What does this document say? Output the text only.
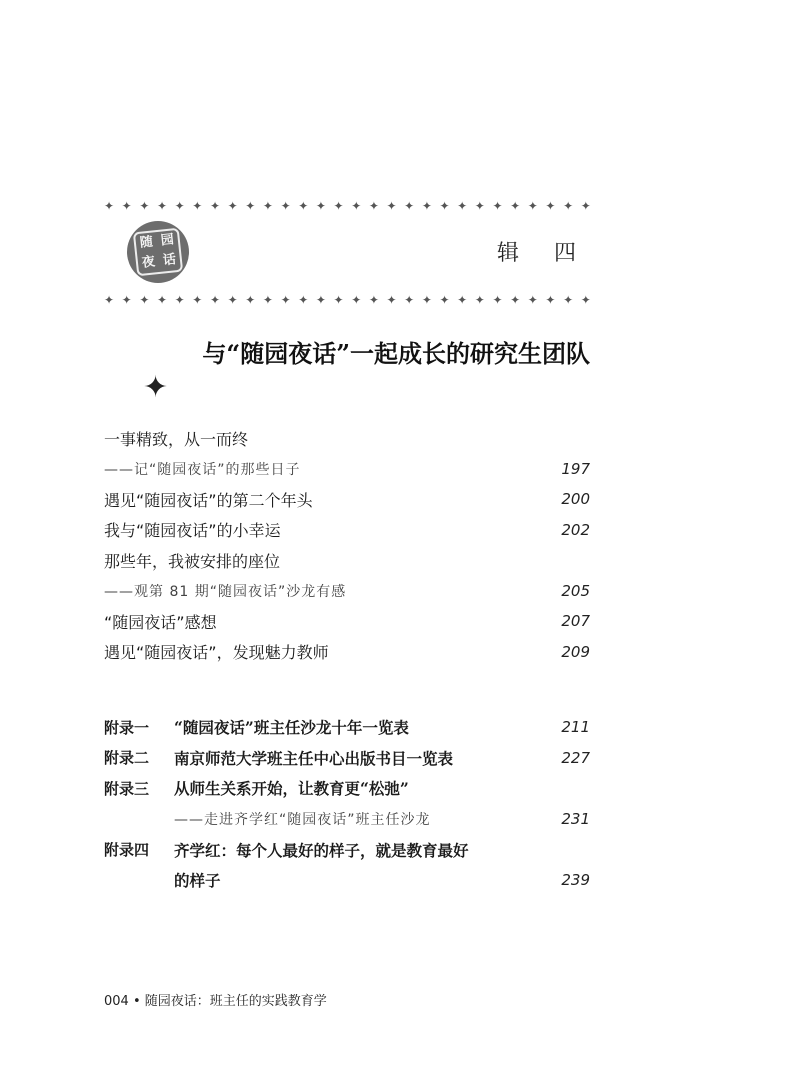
✦ ✦ ✦ ✦ ✦ ✦ ✦ ✦ ✦ ✦ ✦ ✦ ✦ ✦ ✦ ✦ ✦ ✦ ✦ ✦ ✦ ✦ ✦ ✦ ✦ ✦ ✦ ✦
随 园
夜 话	辑 四
✦ ✦ ✦ ✦ ✦ ✦ ✦ ✦ ✦ ✦ ✦ ✦ ✦ ✦ ✦ ✦ ✦ ✦ ✦ ✦ ✦ ✦ ✦ ✦ ✦ ✦ ✦ ✦
与“随园夜话”一起成长的研究生团队
✦
一事精致，从一而终
——记“随园夜话”的那些日子	197
遇见“随园夜话”的第二个年头	200
我与“随园夜话”的小幸运	202
那些年，我被安排的座位
——观第 81 期“随园夜话”沙龙有感	205
“随园夜话”感想	207
遇见“随园夜话”，发现魅力教师	209
附录一	“随园夜话”班主任沙龙十年一览表	211
附录二	南京师范大学班主任中心出版书目一览表	227
附录三	从师生关系开始，让教育更“松弛”
——走进齐学红“随园夜话”班主任沙龙	231
附录四	齐学红：每个人最好的样子，就是教育最好
的样子	239
004 • 随园夜话：班主任的实践教育学
